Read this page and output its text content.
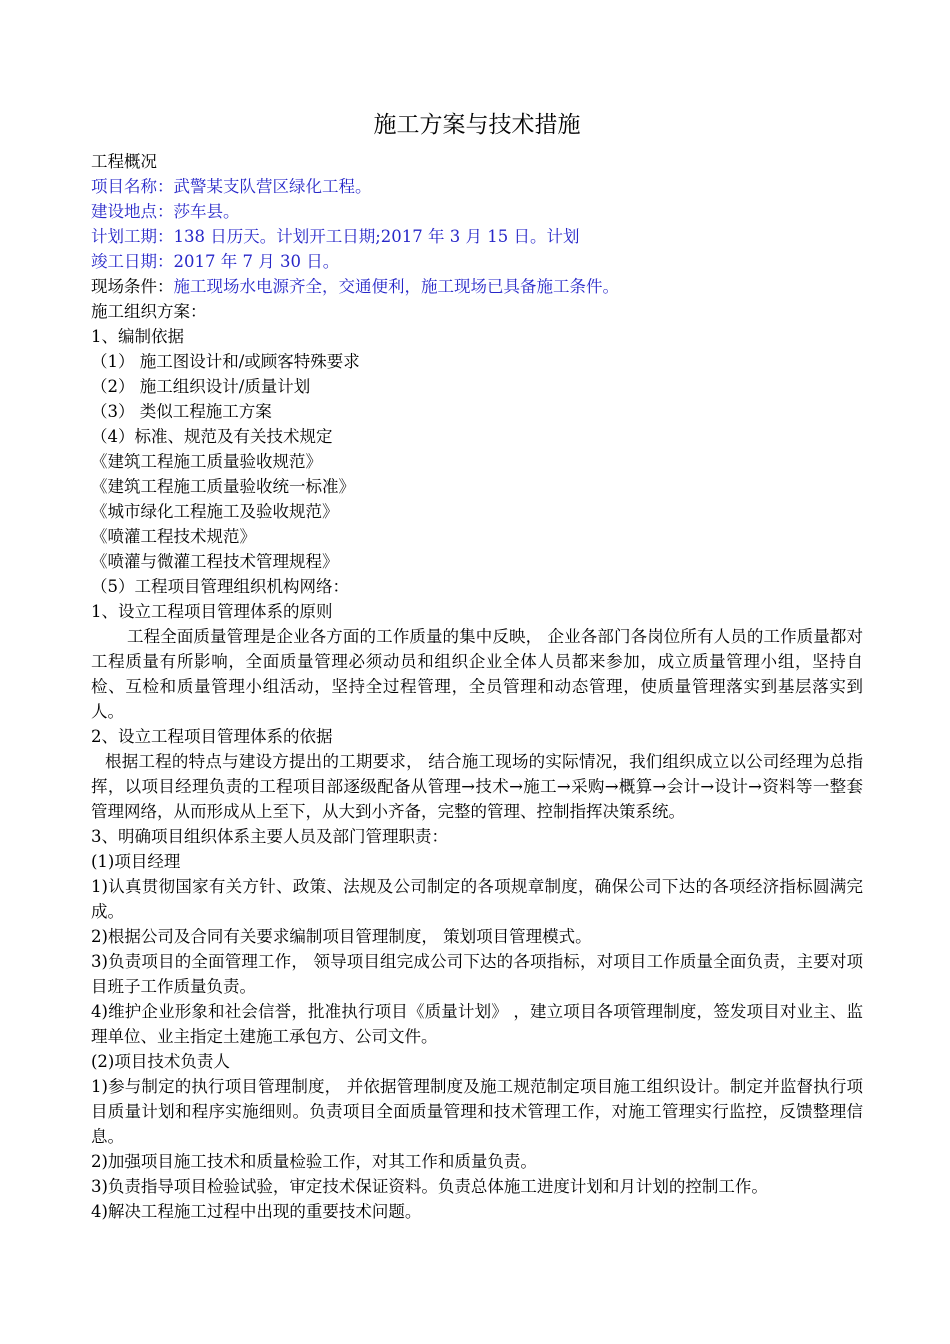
施工方案与技术措施

工程概况

项目名称：武警某支队营区绿化工程。

建设地点：莎车县。

计划工期：138 日历天。计划开工日期;2017 年 3 月 15 日。计划

竣工日期：2017 年 7 月 30 日。

现场条件：施工现场水电源齐全，交通便利，施工现场已具备施工条件。

施工组织方案：

1、编制依据

（1） 施工图设计和/或顾客特殊要求

（2） 施工组织设计/质量计划

（3） 类似工程施工方案

（4）标准、规范及有关技术规定

《建筑工程施工质量验收规范》

《建筑工程施工质量验收统一标准》

《城市绿化工程施工及验收规范》

《喷灌工程技术规范》

《喷灌与微灌工程技术管理规程》

（5）工程项目管理组织机构网络：

1、设立工程项目管理体系的原则

工程全面质量管理是企业各方面的工作质量的集中反映， 企业各部门各岗位所有人员的工作质量都对工程质量有所影响，全面质量管理必须动员和组织企业全体人员都来参加，成立质量管理小组，坚持自检、互检和质量管理小组活动，坚持全过程管理，全员管理和动态管理，使质量管理落实到基层落实到人。

2、设立工程项目管理体系的依据

根据工程的特点与建设方提出的工期要求， 结合施工现场的实际情况，我们组织成立以公司经理为总指挥，以项目经理负责的工程项目部逐级配备从管理→技术→施工→采购→概算→会计→设计→资料等一整套管理网络，从而形成从上至下，从大到小齐备，完整的管理、控制指挥决策系统。

3、明确项目组织体系主要人员及部门管理职责：

(1)项目经理

1)认真贯彻国家有关方针、政策、法规及公司制定的各项规章制度，确保公司下达的各项经济指标圆满完成。

2)根据公司及合同有关要求编制项目管理制度， 策划项目管理模式。

3)负责项目的全面管理工作， 领导项目组完成公司下达的各项指标，对项目工作质量全面负责，主要对项目班子工作质量负责。

4)维护企业形象和社会信誉，批准执行项目《质量计划》 ，建立项目各项管理制度，签发项目对业主、监理单位、业主指定土建施工承包方、公司文件。

(2)项目技术负责人

1)参与制定的执行项目管理制度， 并依据管理制度及施工规范制定项目施工组织设计。制定并监督执行项目质量计划和程序实施细则。负责项目全面质量管理和技术管理工作，对施工管理实行监控，反馈整理信息。

2)加强项目施工技术和质量检验工作，对其工作和质量负责。

3)负责指导项目检验试验，审定技术保证资料。负责总体施工进度计划和月计划的控制工作。

4)解决工程施工过程中出现的重要技术问题。
